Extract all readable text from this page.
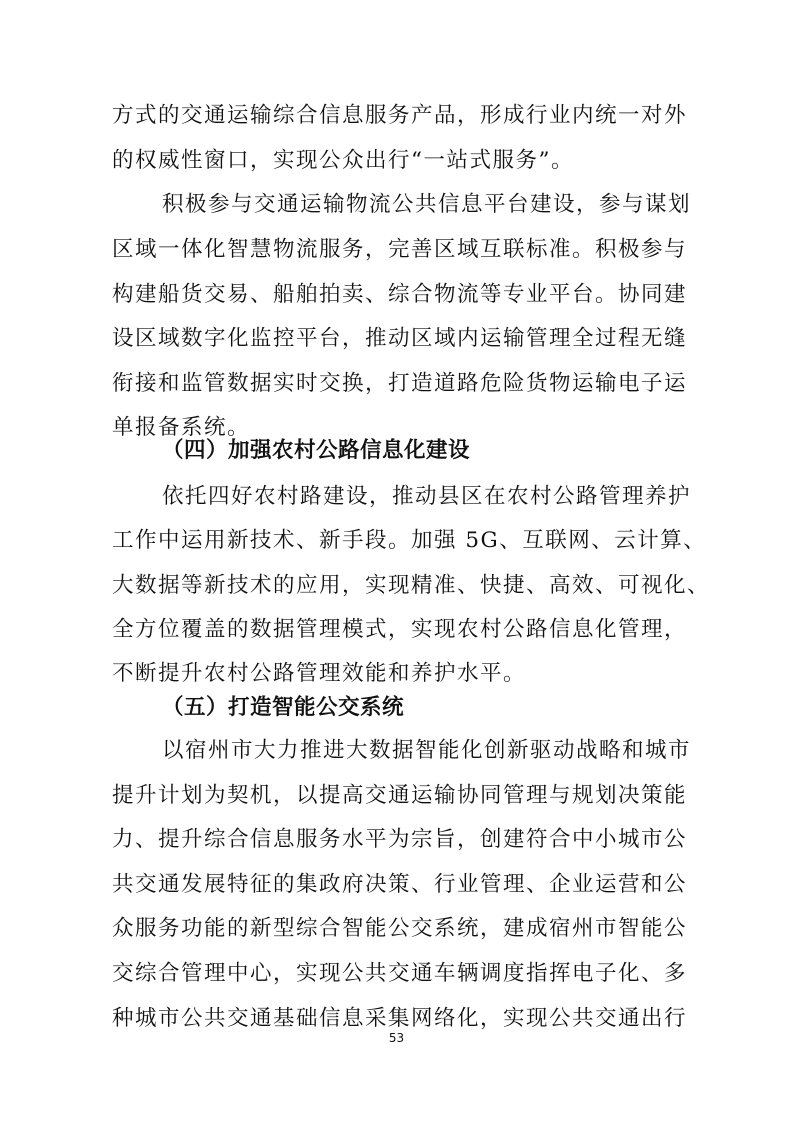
方式的交通运输综合信息服务产品，形成行业内统一对外
的权威性窗口，实现公众出行“一站式服务”。
积极参与交通运输物流公共信息平台建设，参与谋划
区域一体化智慧物流服务，完善区域互联标准。积极参与
构建船货交易、船舶拍卖、综合物流等专业平台。协同建
设区域数字化监控平台，推动区域内运输管理全过程无缝
衔接和监管数据实时交换，打造道路危险货物运输电子运
单报备系统。
（四）加强农村公路信息化建设
依托四好农村路建设，推动县区在农村公路管理养护
工作中运用新技术、新手段。加强 5G、互联网、云计算、
大数据等新技术的应用，实现精准、快捷、高效、可视化、
全方位覆盖的数据管理模式，实现农村公路信息化管理，
不断提升农村公路管理效能和养护水平。
（五）打造智能公交系统
以宿州市大力推进大数据智能化创新驱动战略和城市
提升计划为契机，以提高交通运输协同管理与规划决策能
力、提升综合信息服务水平为宗旨，创建符合中小城市公
共交通发展特征的集政府决策、行业管理、企业运营和公
众服务功能的新型综合智能公交系统，建成宿州市智能公
交综合管理中心，实现公共交通车辆调度指挥电子化、多
种城市公共交通基础信息采集网络化，实现公共交通出行
53
